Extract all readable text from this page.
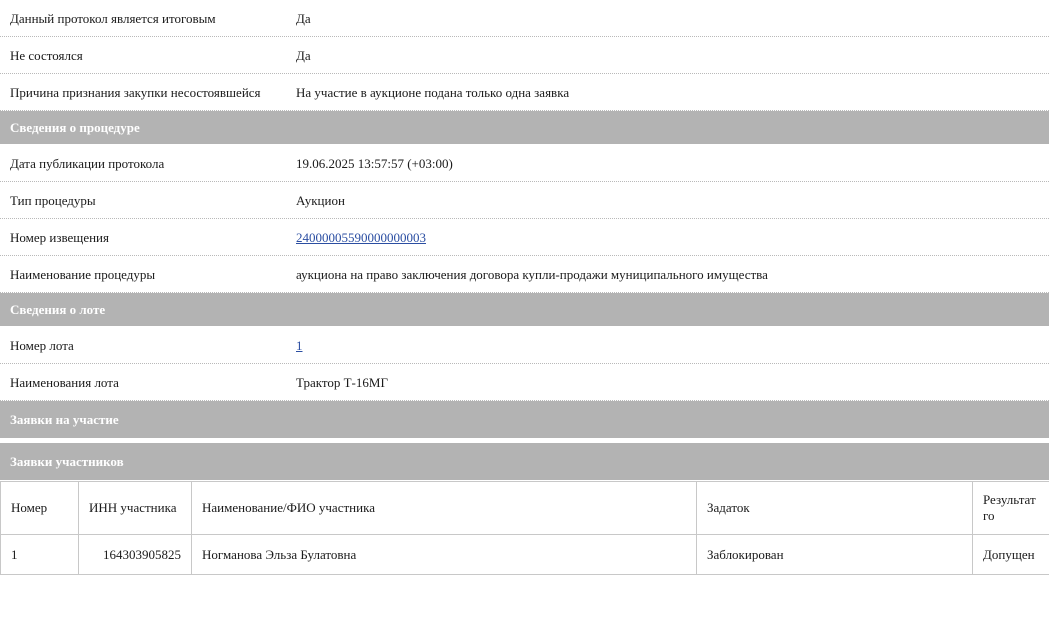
Данный протокол является итоговым	Да
Не состоялся	Да
Причина признания закупки несостоявшейся	На участие в аукционе подана только одна заявка
Сведения о процедуре
Дата публикации протокола	19.06.2025 13:57:57 (+03:00)
Тип процедуры	Аукцион
Номер извещения	24000005590000000003
Наименование процедуры	аукциона на право заключения договора купли-продажи муниципального имущества
Сведения о лоте
Номер лота	1
Наименования лота	Трактор Т-16МГ
Заявки на участие
Заявки участников
Номер	ИНН участника	Наименование/ФИО участника	Задаток	Результат го
1	164303905825	Ногманова Эльза Булатовна	Заблокирован	Допущен
